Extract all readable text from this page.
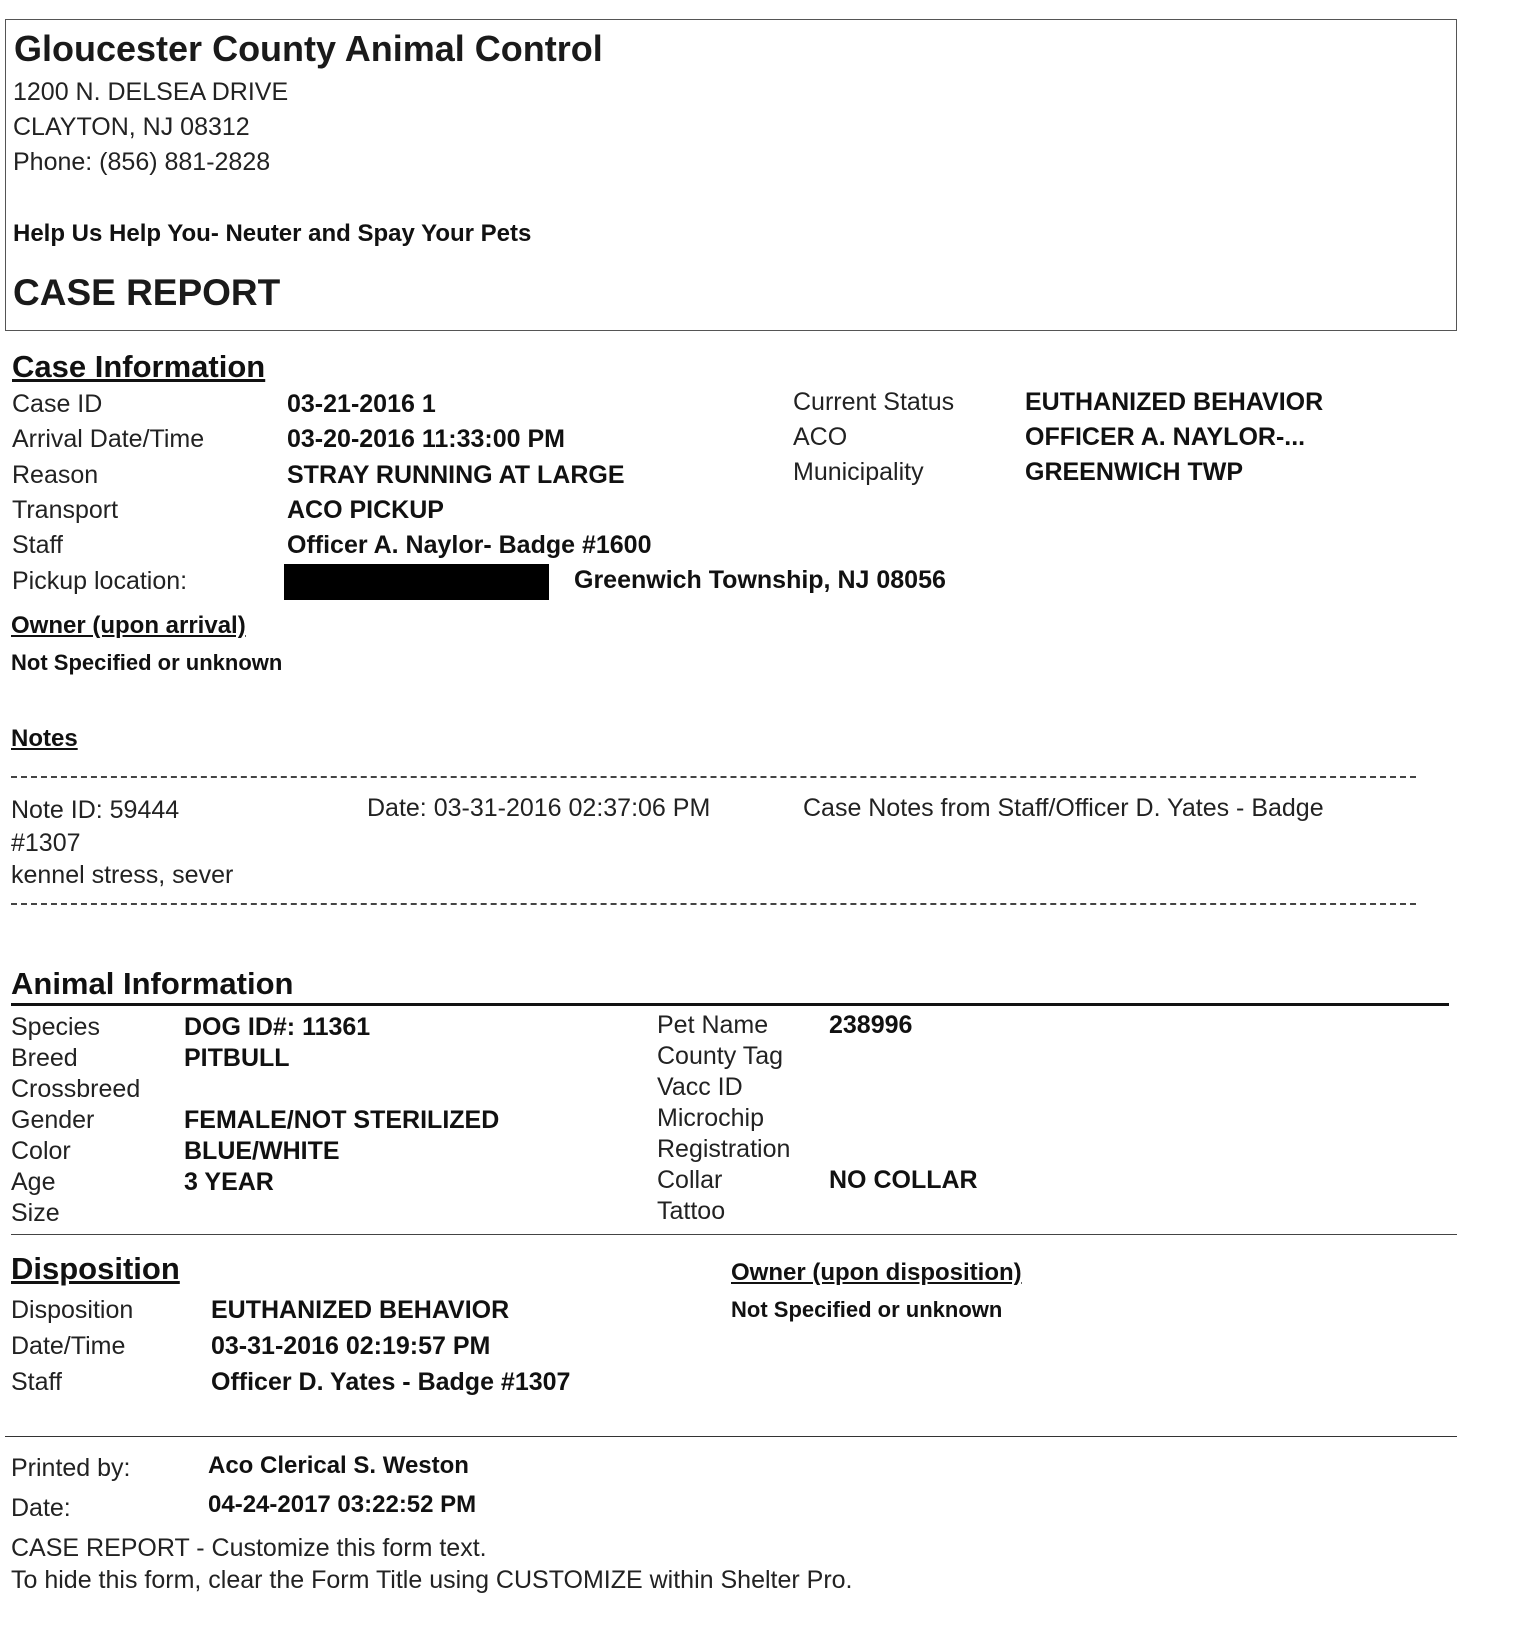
Gloucester County Animal Control
1200 N. DELSEA DRIVE
CLAYTON, NJ 08312
Phone: (856) 881-2828
Help Us Help You- Neuter and Spay Your Pets
CASE REPORT
Case Information
Case ID	03-21-2016 1
Arrival Date/Time	03-20-2016 11:33:00 PM
Reason	STRAY RUNNING AT LARGE
Transport	ACO PICKUP
Staff	Officer A. Naylor- Badge #1600
Pickup location:	Greenwich Township, NJ 08056
Current Status	EUTHANIZED BEHAVIOR
ACO	OFFICER A. NAYLOR-...
Municipality	GREENWICH TWP
Owner (upon arrival)
Not Specified or unknown
Notes
Note ID: 59444	Date: 03-31-2016 02:37:06 PM	Case Notes from Staff/Officer D. Yates - Badge
#1307
kennel stress, sever
Animal Information
Species	DOG ID#: 11361
Breed	PITBULL
Crossbreed
Gender	FEMALE/NOT STERILIZED
Color	BLUE/WHITE
Age	3 YEAR
Size
Pet Name 238996
County Tag
Vacc ID
Microchip
Registration
Collar	NO COLLAR
Tattoo
Disposition
Disposition	EUTHANIZED BEHAVIOR
Date/Time	03-31-2016 02:19:57 PM
Staff	Officer D. Yates - Badge #1307
Owner (upon disposition)
Not Specified or unknown
Printed by:	Aco Clerical S. Weston
Date:	04-24-2017 03:22:52 PM
CASE REPORT - Customize this form text.
To hide this form, clear the Form Title using CUSTOMIZE within Shelter Pro.
